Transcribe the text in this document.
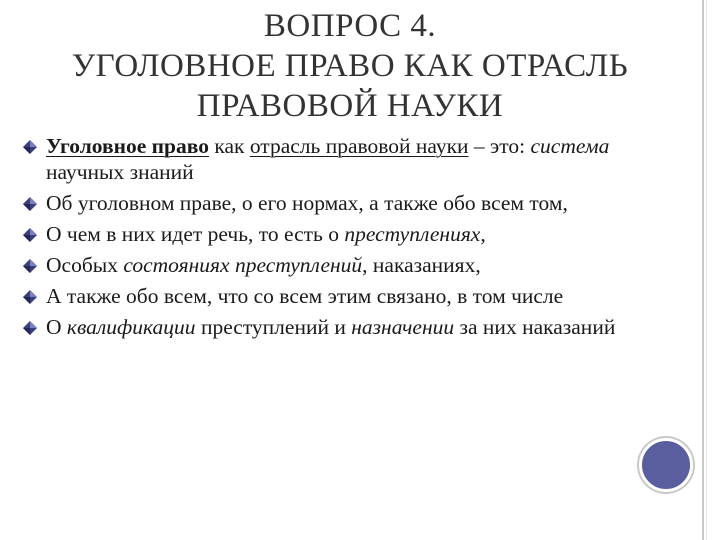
ВОПРОС 4.
УГОЛОВНОЕ ПРАВО КАК ОТРАСЛЬ
ПРАВОВОЙ НАУКИ
Уголовное право как отрасль правовой науки – это: система научных знаний
Об уголовном праве, о его нормах, а также обо всем том,
О чем в них идет речь, то есть о преступлениях,
Особых состояниях преступлений, наказаниях,
А также обо всем, что со всем этим связано, в том числе
О квалификации преступлений и назначении за них наказаний
